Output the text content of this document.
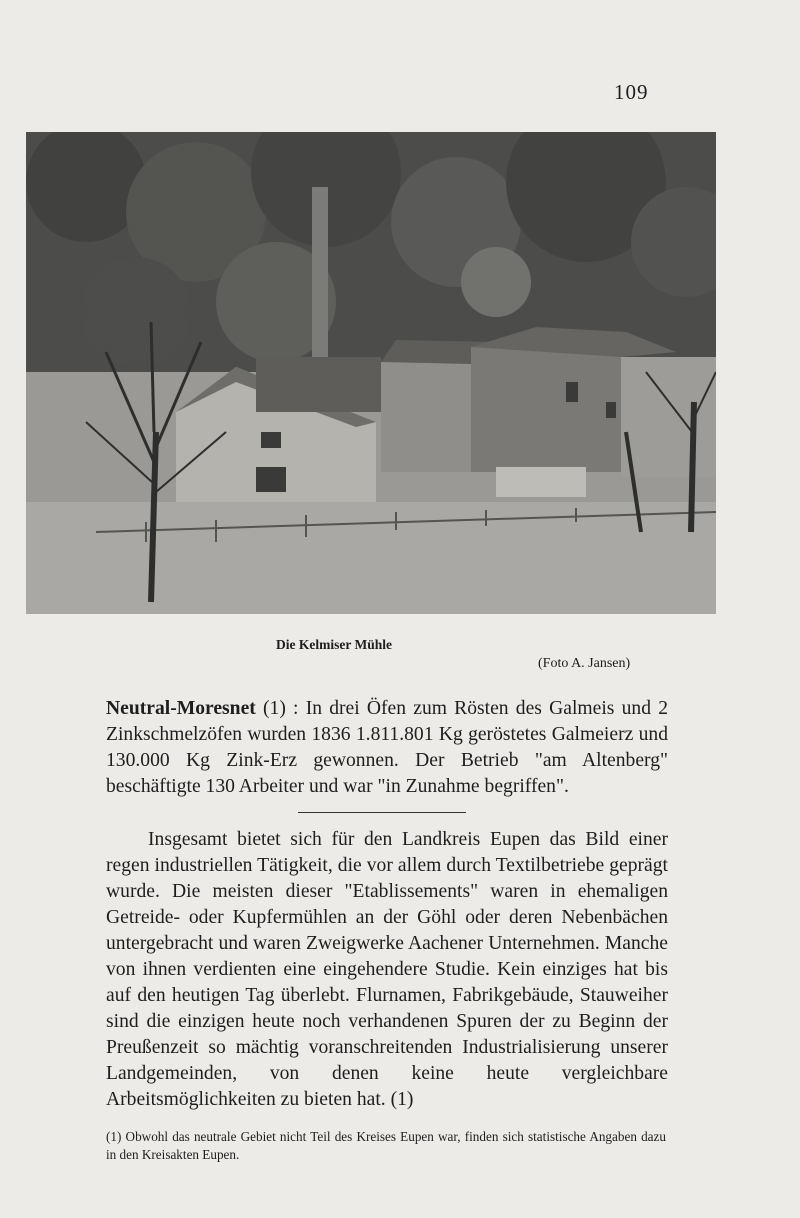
109
Die Kelmiser Mühle
(Foto A. Jansen)

Neutral-Moresnet (1) : In drei Öfen zum Rösten des Galmeis und 2 Zinkschmelzöfen wurden 1836 1.811.801 Kg geröstetes Galmeierz und 130.000 Kg Zink-Erz gewonnen. Der Betrieb "am Altenberg" beschäftigte 130 Arbeiter und war "in Zunahme begriffen".

Insgesamt bietet sich für den Landkreis Eupen das Bild einer regen industriellen Tätigkeit, die vor allem durch Textilbetriebe geprägt wurde. Die meisten dieser "Etablissements" waren in ehemaligen Getreide- oder Kupfermühlen an der Göhl oder deren Nebenbächen untergebracht und waren Zweigwerke Aachener Unternehmen. Manche von ihnen verdienten eine eingehendere Studie. Kein einziges hat bis auf den heutigen Tag überlebt. Flurnamen, Fabrikgebäude, Stauweiher sind die einzigen heute noch verhandenen Spuren der zu Beginn der Preußenzeit so mächtig voranschreitenden Industrialisierung unserer Landgemeinden, von denen keine heute vergleichbare Arbeitsmöglichkeiten zu bieten hat. (1)

(1) Obwohl das neutrale Gebiet nicht Teil des Kreises Eupen war, finden sich statistische Angaben dazu in den Kreisakten Eupen.
